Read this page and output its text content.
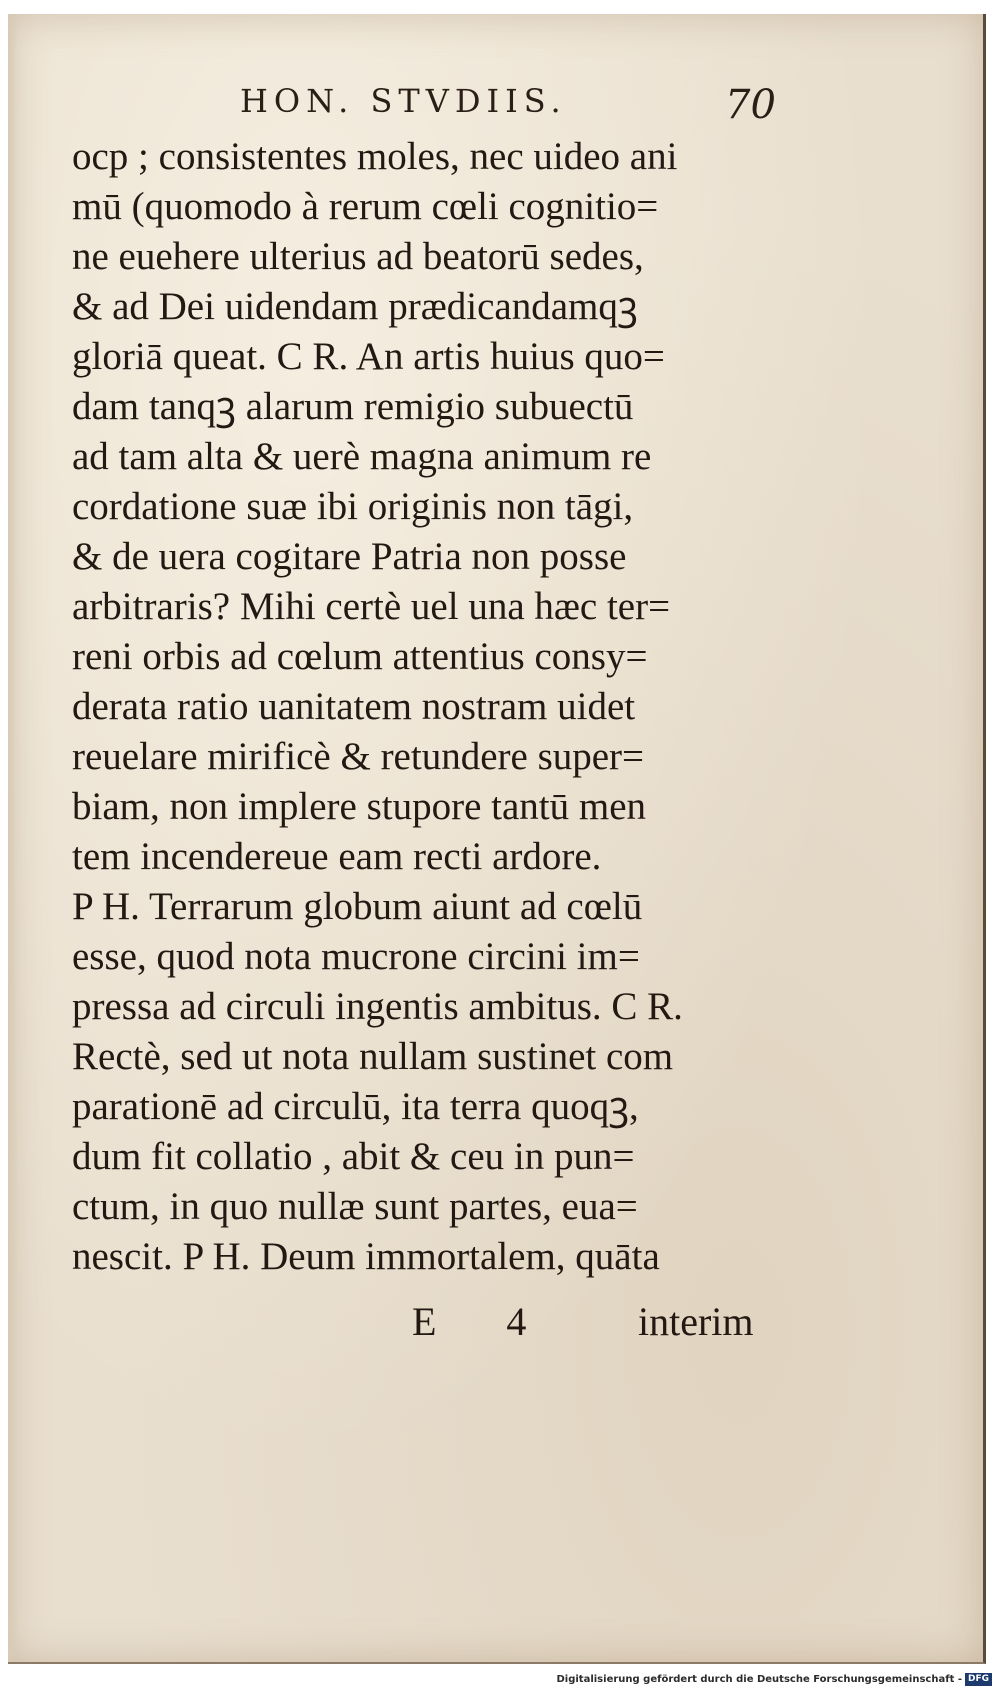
HON. STVDIIS.	70
ocp ; consistentes moles, nec uideo ani
mū (quomodo à rerum cœli cognitio=
ne euehere ulterius ad beatorū sedes,
& ad Dei uidendam prædicandamqꝫ
gloriā queat. C R. An artis huius quo=
dam tanqꝫ alarum remigio subuectū
ad tam alta & uerè magna animum re
cordatione suæ ibi originis non tāgi,
& de uera cogitare Patria non posse
arbitraris? Mihi certè uel una hæc ter=
reni orbis ad cœlum attentius consy=
derata ratio uanitatem nostram uidet
reuelare mirificè & retundere super=
biam, non implere stupore tantū men
tem incendereue eam recti ardore.
P H. Terrarum globum aiunt ad cœlū
esse, quod nota mucrone circini im=
pressa ad circuli ingentis ambitus. C R.
Rectè, sed ut nota nullam sustinet com
parationē ad circulū, ita terra quoqꝫ,
dum fit collatio , abit & ceu in pun=
ctum, in quo nullæ sunt partes, eua=
nescit. P H. Deum immortalem, quāta
E 4 interim
Digitalisierung gefördert durch die Deutsche Forschungsgemeinschaft - DFG
